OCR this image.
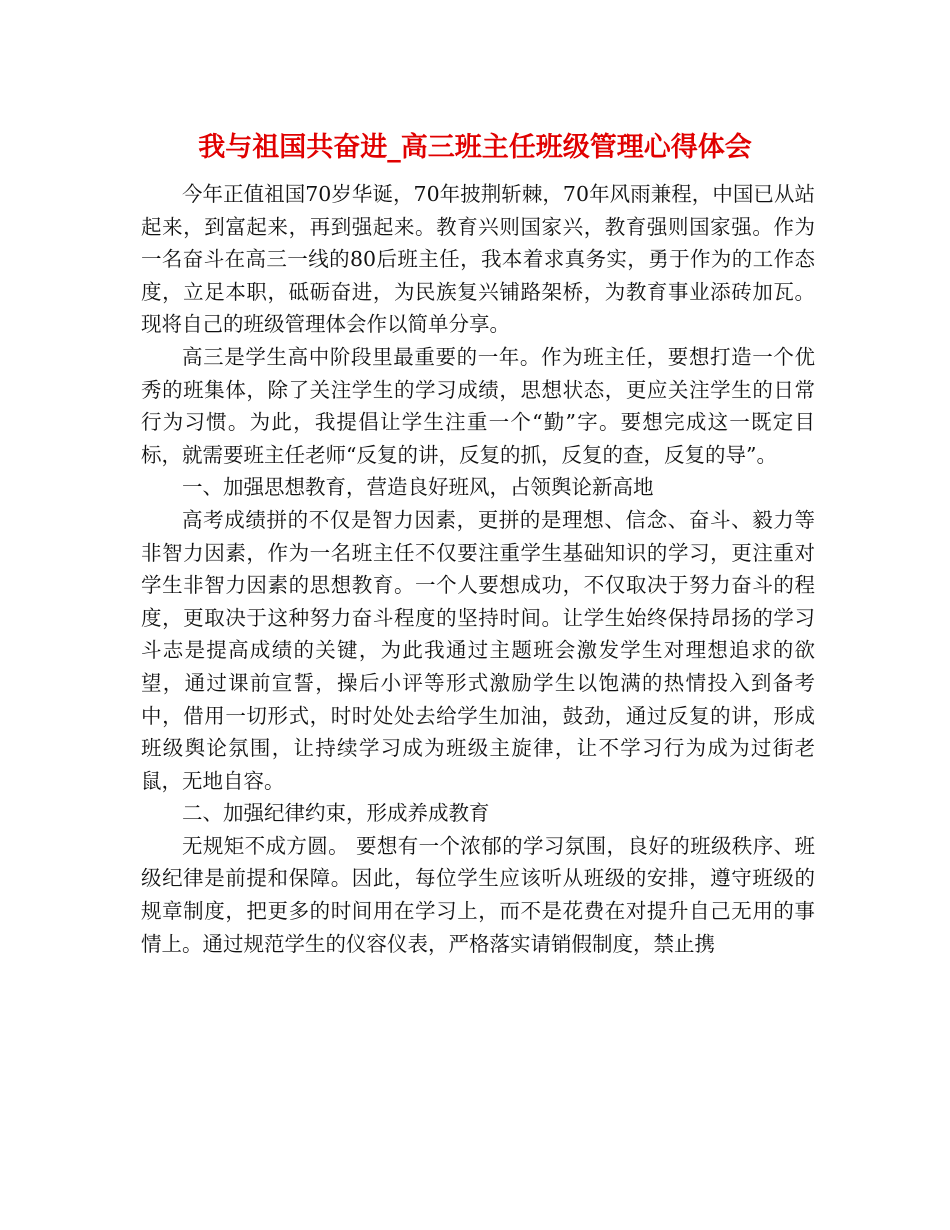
我与祖国共奋进_高三班主任班级管理心得体会

今年正值祖国70岁华诞，70年披荆斩棘，70年风雨兼程，中国已从站起来，到富起来，再到强起来。教育兴则国家兴，教育强则国家强。作为一名奋斗在高三一线的80后班主任，我本着求真务实，勇于作为的工作态度，立足本职，砥砺奋进，为民族复兴铺路架桥，为教育事业添砖加瓦。现将自己的班级管理体会作以简单分享。

高三是学生高中阶段里最重要的一年。作为班主任，要想打造一个优秀的班集体，除了关注学生的学习成绩，思想状态，更应关注学生的日常行为习惯。为此，我提倡让学生注重一个“勤”字。要想完成这一既定目标，就需要班主任老师“反复的讲，反复的抓，反复的查，反复的导”。

一、加强思想教育，营造良好班风，占领舆论新高地

高考成绩拼的不仅是智力因素，更拼的是理想、信念、奋斗、毅力等非智力因素，作为一名班主任不仅要注重学生基础知识的学习，更注重对学生非智力因素的思想教育。一个人要想成功，不仅取决于努力奋斗的程度，更取决于这种努力奋斗程度的坚持时间。让学生始终保持昂扬的学习斗志是提高成绩的关键，为此我通过主题班会激发学生对理想追求的欲望，通过课前宣誓，操后小评等形式激励学生以饱满的热情投入到备考中，借用一切形式，时时处处去给学生加油，鼓劲，通过反复的讲，形成班级舆论氛围，让持续学习成为班级主旋律，让不学习行为成为过街老鼠，无地自容。

二、加强纪律约束，形成养成教育

无规矩不成方圆。 要想有一个浓郁的学习氛围，良好的班级秩序、班级纪律是前提和保障。因此，每位学生应该听从班级的安排，遵守班级的规章制度，把更多的时间用在学习上，而不是花费在对提升自己无用的事情上。通过规范学生的仪容仪表，严格落实请销假制度，禁止携
